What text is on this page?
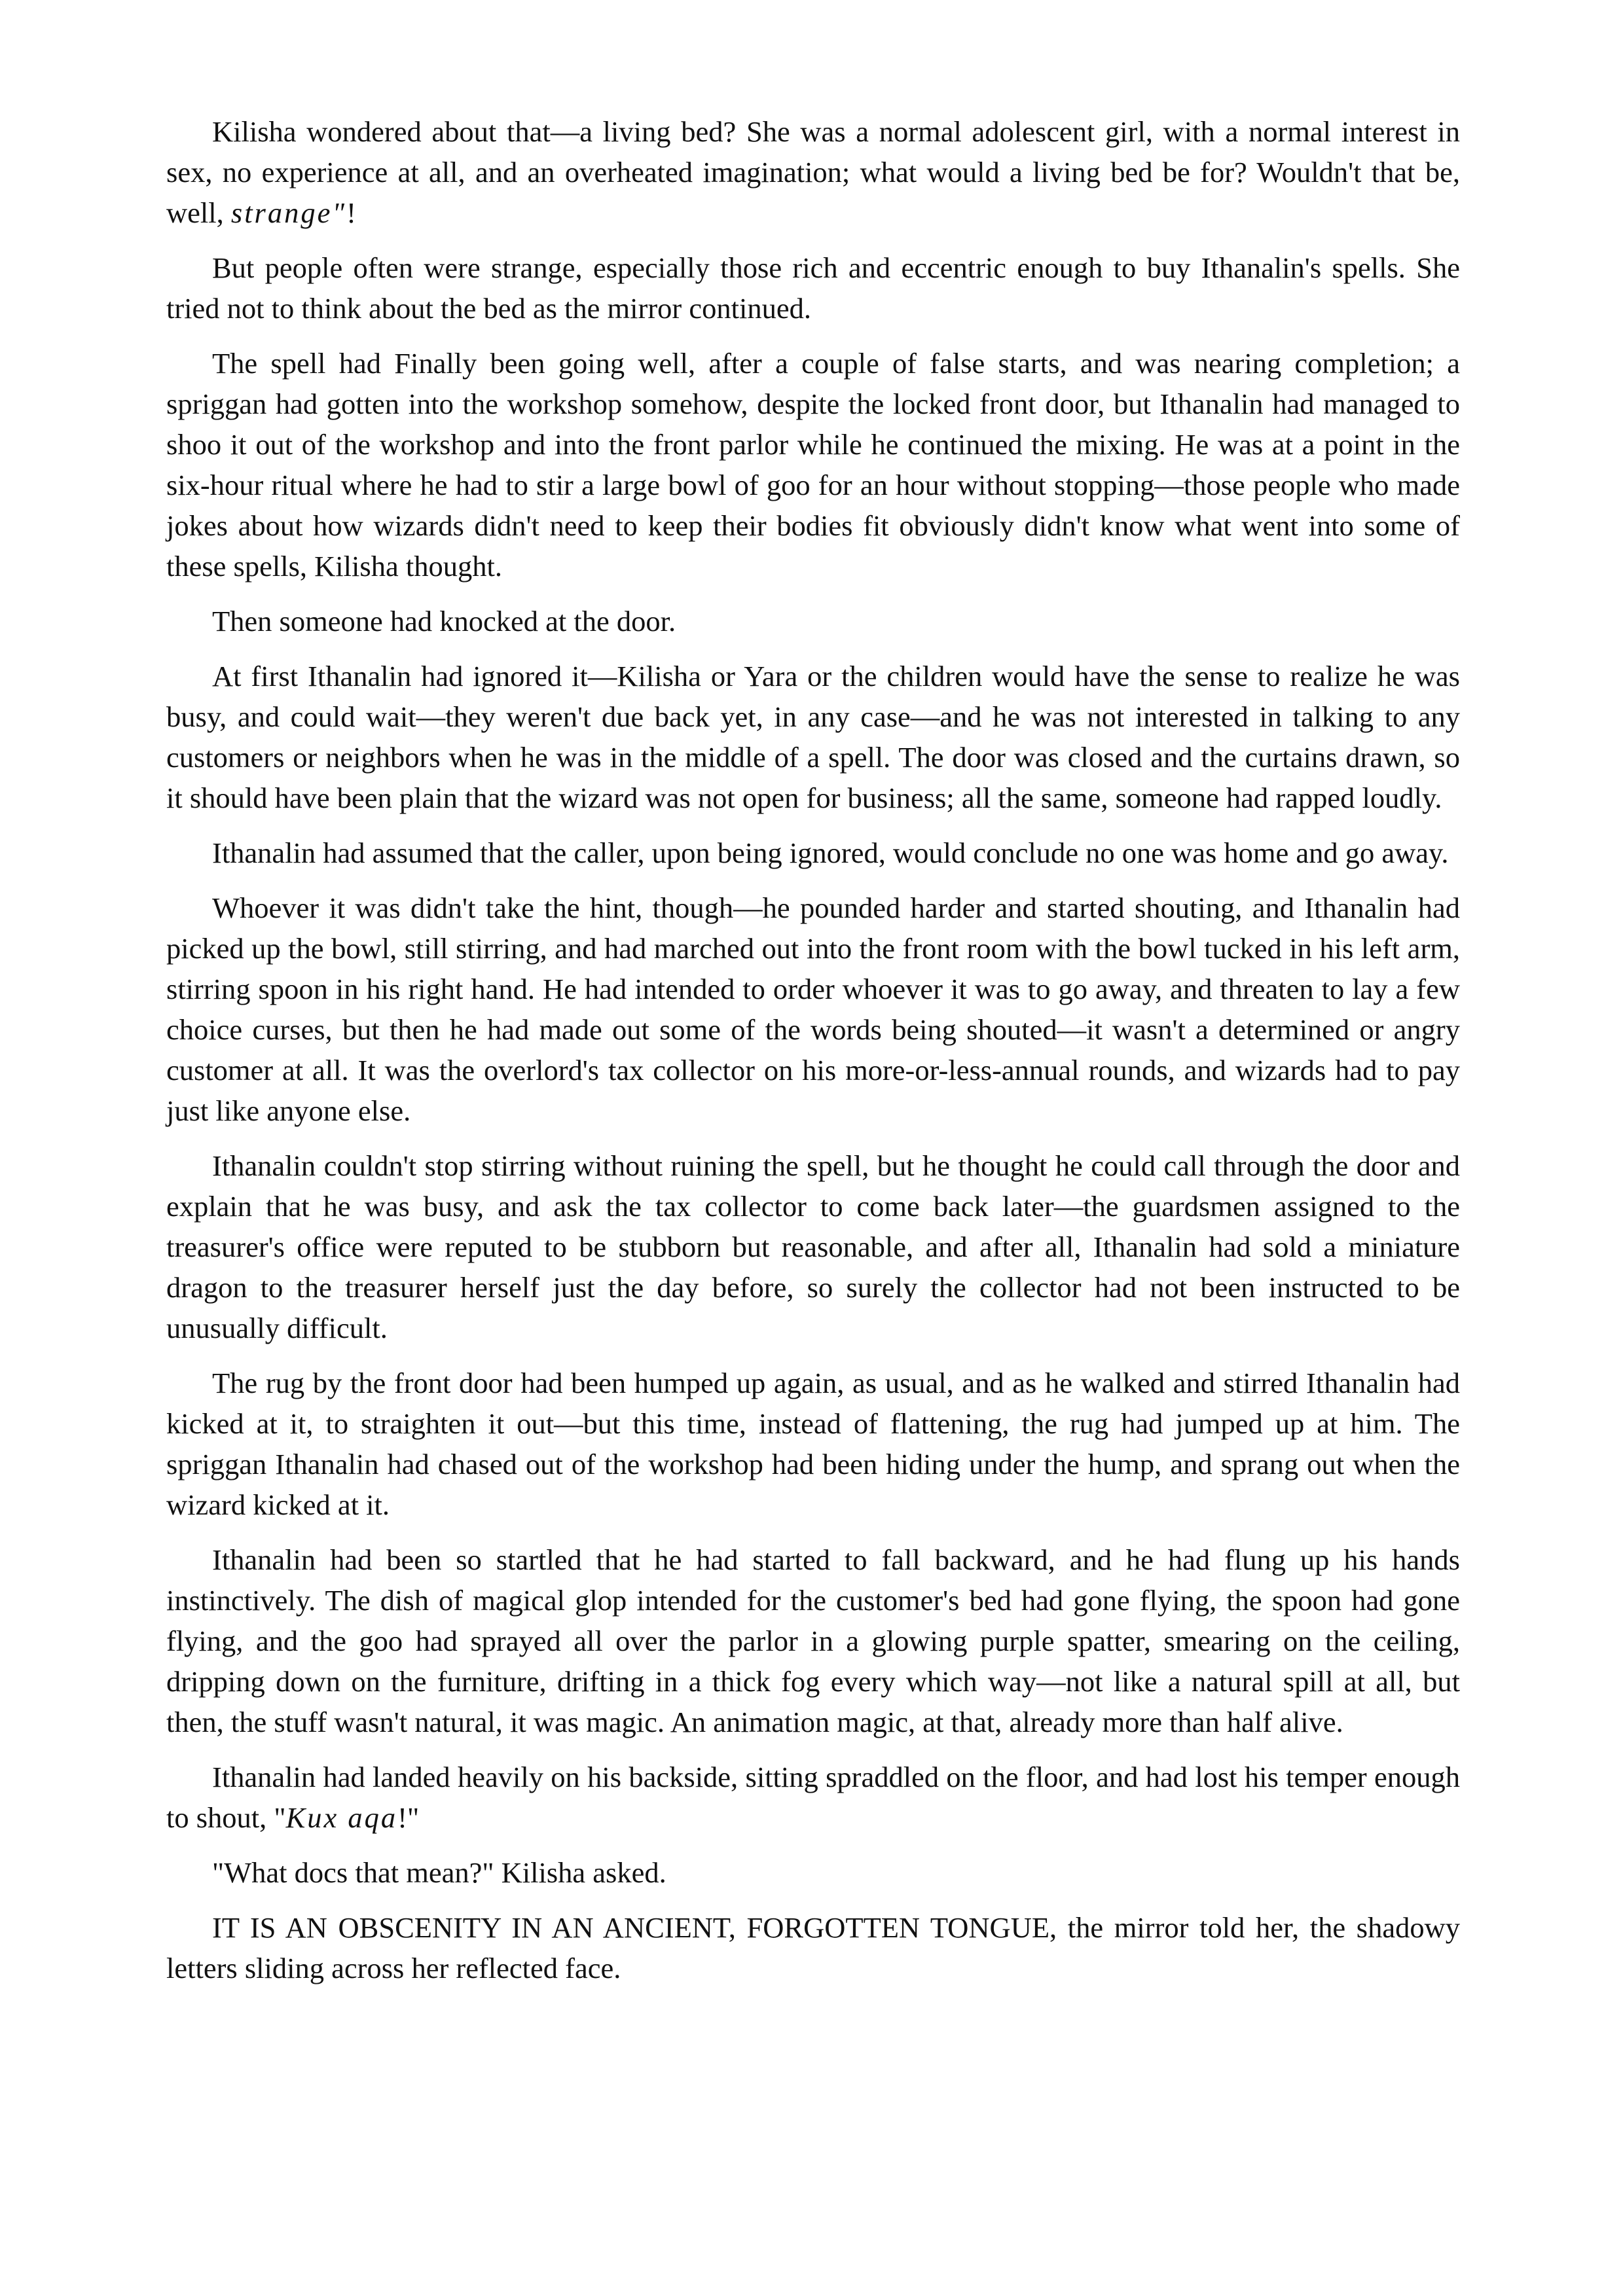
Kilisha wondered about that—a living bed? She was a normal adolescent girl, with a normal interest in sex, no experience at all, and an overheated imagination; what would a living bed be for? Wouldn't that be, well, strange"!

But people often were strange, especially those rich and eccentric enough to buy Ithanalin's spells. She tried not to think about the bed as the mirror continued.

The spell had Finally been going well, after a couple of false starts, and was nearing completion; a spriggan had gotten into the workshop somehow, despite the locked front door, but Ithanalin had managed to shoo it out of the workshop and into the front parlor while he continued the mixing. He was at a point in the six-hour ritual where he had to stir a large bowl of goo for an hour without stopping—those people who made jokes about how wizards didn't need to keep their bodies fit obviously didn't know what went into some of these spells, Kilisha thought.

Then someone had knocked at the door.

At first Ithanalin had ignored it—Kilisha or Yara or the children would have the sense to realize he was busy, and could wait—they weren't due back yet, in any case—and he was not interested in talking to any customers or neighbors when he was in the middle of a spell. The door was closed and the curtains drawn, so it should have been plain that the wizard was not open for business; all the same, someone had rapped loudly.

Ithanalin had assumed that the caller, upon being ignored, would conclude no one was home and go away.

Whoever it was didn't take the hint, though—he pounded harder and started shouting, and Ithanalin had picked up the bowl, still stirring, and had marched out into the front room with the bowl tucked in his left arm, stirring spoon in his right hand. He had intended to order whoever it was to go away, and threaten to lay a few choice curses, but then he had made out some of the words being shouted—it wasn't a determined or angry customer at all. It was the overlord's tax collector on his more-or-less-annual rounds, and wizards had to pay just like anyone else.

Ithanalin couldn't stop stirring without ruining the spell, but he thought he could call through the door and explain that he was busy, and ask the tax collector to come back later—the guardsmen assigned to the treasurer's office were reputed to be stubborn but reasonable, and after all, Ithanalin had sold a miniature dragon to the treasurer herself just the day before, so surely the collector had not been instructed to be unusually difficult.

The rug by the front door had been humped up again, as usual, and as he walked and stirred Ithanalin had kicked at it, to straighten it out—but this time, instead of flattening, the rug had jumped up at him. The spriggan Ithanalin had chased out of the workshop had been hiding under the hump, and sprang out when the wizard kicked at it.

Ithanalin had been so startled that he had started to fall backward, and he had flung up his hands instinctively. The dish of magical glop intended for the customer's bed had gone flying, the spoon had gone flying, and the goo had sprayed all over the parlor in a glowing purple spatter, smearing on the ceiling, dripping down on the furniture, drifting in a thick fog every which way—not like a natural spill at all, but then, the stuff wasn't natural, it was magic. An animation magic, at that, already more than half alive.

Ithanalin had landed heavily on his backside, sitting spraddled on the floor, and had lost his temper enough to shout, "Kux aqa!"

"What docs that mean?" Kilisha asked.

IT IS AN OBSCENITY IN AN ANCIENT, FORGOTTEN TONGUE, the mirror told her, the shadowy letters sliding across her reflected face.
